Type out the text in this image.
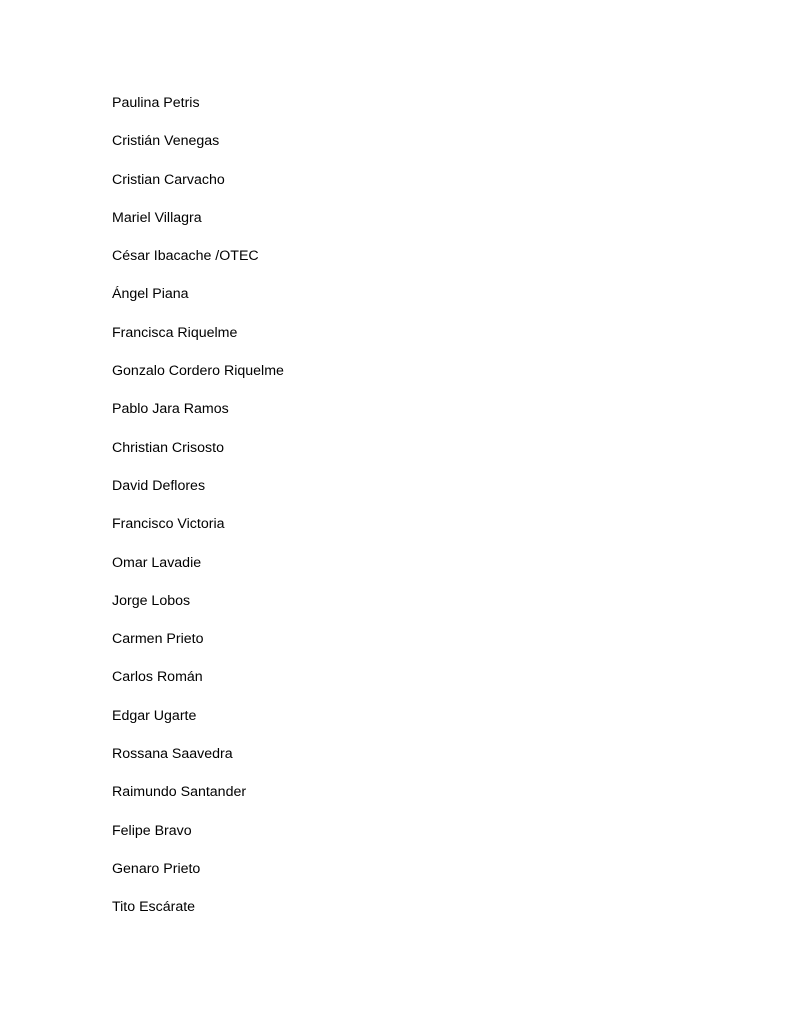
Paulina Petris
Cristián Venegas
Cristian Carvacho
Mariel Villagra
César Ibacache /OTEC
Ángel Piana
Francisca Riquelme
Gonzalo Cordero Riquelme
Pablo Jara Ramos
Christian Crisosto
David Deflores
Francisco Victoria
Omar Lavadie
Jorge Lobos
Carmen Prieto
Carlos Román
Edgar Ugarte
Rossana Saavedra
Raimundo Santander
Felipe Bravo
Genaro Prieto
Tito Escárate
